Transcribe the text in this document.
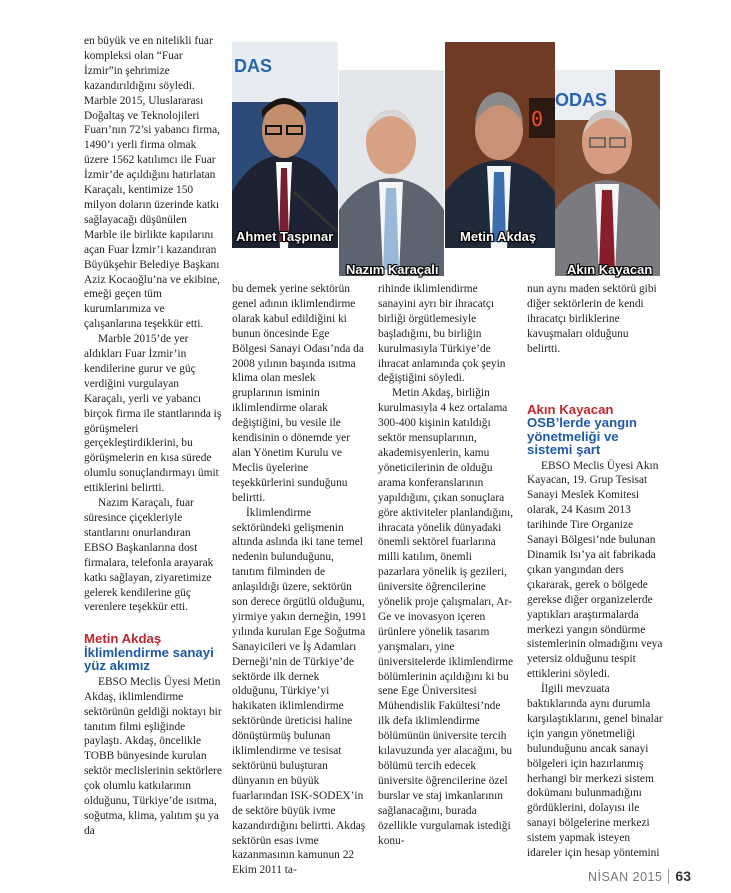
en büyük ve en nitelikli fuar kompleksi olan “Fuar İzmir”in şehrimize kazandırıldığını söyledi. Marble 2015, Uluslararası Doğaltaş ve Teknolojileri Fuarı’nın 72’si yabancı firma, 1490’ı yerli firma olmak üzere 1562 katılımcı ile Fuar İzmir’de açıldığını hatırlatan Karaçalı, kentimize 150 milyon doların üzerinde katkı sağlayacağı düşünülen Marble ile birlikte kapılarını açan Fuar İzmir’i kazandıran Büyükşehir Belediye Başkanı Aziz Kocaoğlu’na ve ekibine, emeği geçen tüm kurumlarımıza ve çalışanlarına teşekkür etti.

Marble 2015’de yer aldıkları Fuar İzmir’in kendilerine gurur ve güç verdiğini vurgulayan Karaçalı, yerli ve yabancı birçok firma ile stantlarında iş görüşmeleri gerçekleştirdiklerini, bu görüşmelerin en kısa sürede olumlu sonuçlandırmayı ümit ettiklerini belirtti.

Nazım Karaçalı, fuar süresince çiçekleriyle stantlarını onurlandıran EBSO Başkanlarına dost firmalara, telefonla arayarak katkı sağlayan, ziyaretimize gelerek kendilerine güç verenlere teşekkür etti.

Metin Akdaş
İklimlendirme sanayi yüz akımız

EBSO Meclis Üyesi Metin Akdaş, iklimlendirme sektörünün geldiği noktayı bir tanıtım filmi eşliğinde paylaştı. Akdaş, öncelikle TOBB bünyesinde kurulan sektör meclislerinin sektörlere çok olumlu katkılarının olduğunu, Türkiye’de ısıtma, soğutma, klima, yalıtım şu ya da

bu demek yerine sektörün genel adının iklimlendirme olarak kabul edildiğini ki bunun öncesinde Ege Bölgesi Sanayi Odası’nda da 2008 yılının başında ısıtma klima olan meslek gruplarının isminin iklimlendirme olarak değiştiğini, bu vesile ile kendisinin o dönemde yer alan Yönetim Kurulu ve Meclis üyelerine teşekkürlerini sunduğunu belirtti.

İklimlendirme sektöründeki gelişmenin altında aslında iki tane temel nedenin bulunduğunu, tanıtım filminden de anlaşıldığı üzere, sektörün son derece örgütlü olduğunu, yirmiye yakın derneğin, 1991 yılında kurulan Ege Soğutma Sanayicileri ve İş Adamları Derneği’nin de Türkiye’de sektörde ilk dernek olduğunu, Türkiye’yi hakikaten iklimlendirme sektöründe üreticisi haline dönüştürmüş bulunan iklimlendirme ve tesisat sektörünü buluşturan dünyanın en büyük fuarlarından ISK-SODEX’in de sektöre büyük ivme kazandırdığını belirtti. Akdaş sektörün esas ivme kazanmasının kamunun 22 Ekim 2011 ta-

rihinde iklimlendirme sanayini ayrı bir ihracatçı birliği örgütlemesiyle başladığını, bu birliğin kurulmasıyla Türkiye’de ihracat anlamında çok şeyin değiştiğini söyledi.

Metin Akdaş, birliğin kurulmasıyla 4 kez ortalama 300-400 kişinin katıldığı sektör mensuplarının, akademisyenlerin, kamu yöneticilerinin de olduğu arama konferanslarının yapıldığını, çıkan sonuçlara göre aktiviteler planlandığını, ihracata yönelik dünyadaki önemli sektörel fuarlarına milli katılım, önemli pazarlara yönelik iş gezileri, üniversite öğrencilerine yönelik proje çalışmaları, Ar-Ge ve inovasyon içeren ürünlere yönelik tasarım yarışmaları, yine üniversitelerde iklimlendirme bölümlerinin açıldığını ki bu sene Ege Üniversitesi Mühendislik Fakültesi’nde ilk defa iklimlendirme bölümünün üniversite tercih kılavuzunda yer alacağını, bu bölümü tercih edecek üniversite öğrencilerine özel burslar ve staj imkanlarının sağlanacağını, burada özellikle vurgulamak istediği konu-

nun aynı maden sektörü gibi diğer sektörlerin de kendi ihracatçı birliklerine kavuşmaları olduğunu belirtti.

Akın Kayacan
OSB’lerde yangın yönetmeliği ve sistemi şart

EBSO Meclis Üyesi Akın Kayacan, 19. Grup Tesisat Sanayi Meslek Komitesi olarak, 24 Kasım 2013 tarihinde Tire Organize Sanayi Bölgesi’nde bulunan Dinamik Isı’ya ait fabrikada çıkan yangından ders çıkararak, gerek o bölgede gerekse diğer organizelerde yaptıkları araştırmalarda merkezi yangın söndürme sistemlerinin olmadığını veya yetersiz olduğunu tespit ettiklerini söyledi.

İlgili mevzuata baktıklarında aynı durumla karşılaştıklarını, genel binalar için yangın yönetmeliği bulunduğunu ancak sanayi bölgeleri için hazırlanmış herhangi bir merkezi sistem dokümanı bulunmadığını gördüklerini, dolayısı ile sanayi bölgelerine merkezi sistem yapmak isteyen idareler için hesap yöntemini

DAS
Ahmet Taşpınar
Nazım Karaçalı
0
Metin Akdaş
ODAS
Akın Kayacan
NİSAN 2015 63
